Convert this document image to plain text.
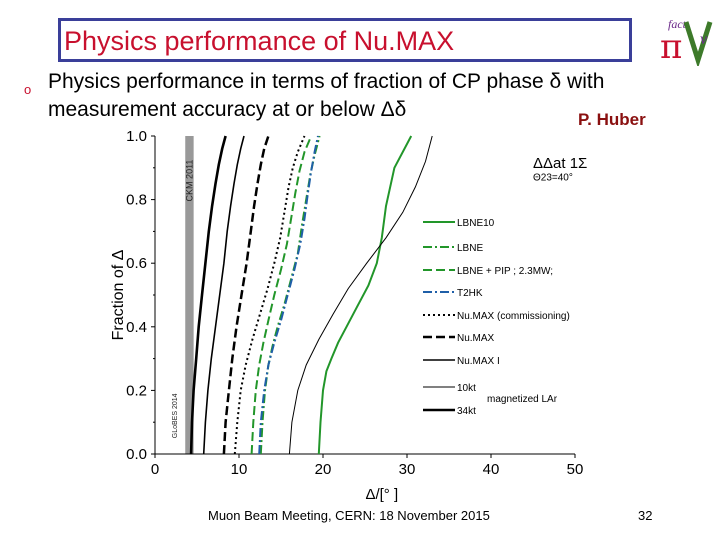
Physics performance of Nu.MAX
fact
π ν
o Physics performance in terms of fraction of CP phase δ with
measurement accuracy at or below Δδ	P. Huber
CKM 2011
GLoBES 2014
0.0
0.2
0.4
0.6
0.8
1.0
0	10	20	30	40	50
Fraction of Δ
Δ/[° ]
ΔΔat 1Σ
Θ23=40°
LBNE10
LBNE
LBNE + PIP ; 2.3MW;
T2HK
Nu.MAX (commissioning)
Nu.MAX
Nu.MAX I
10kt
34kt
magnetized LAr
Muon Beam Meeting, CERN: 18 November 2015	32
